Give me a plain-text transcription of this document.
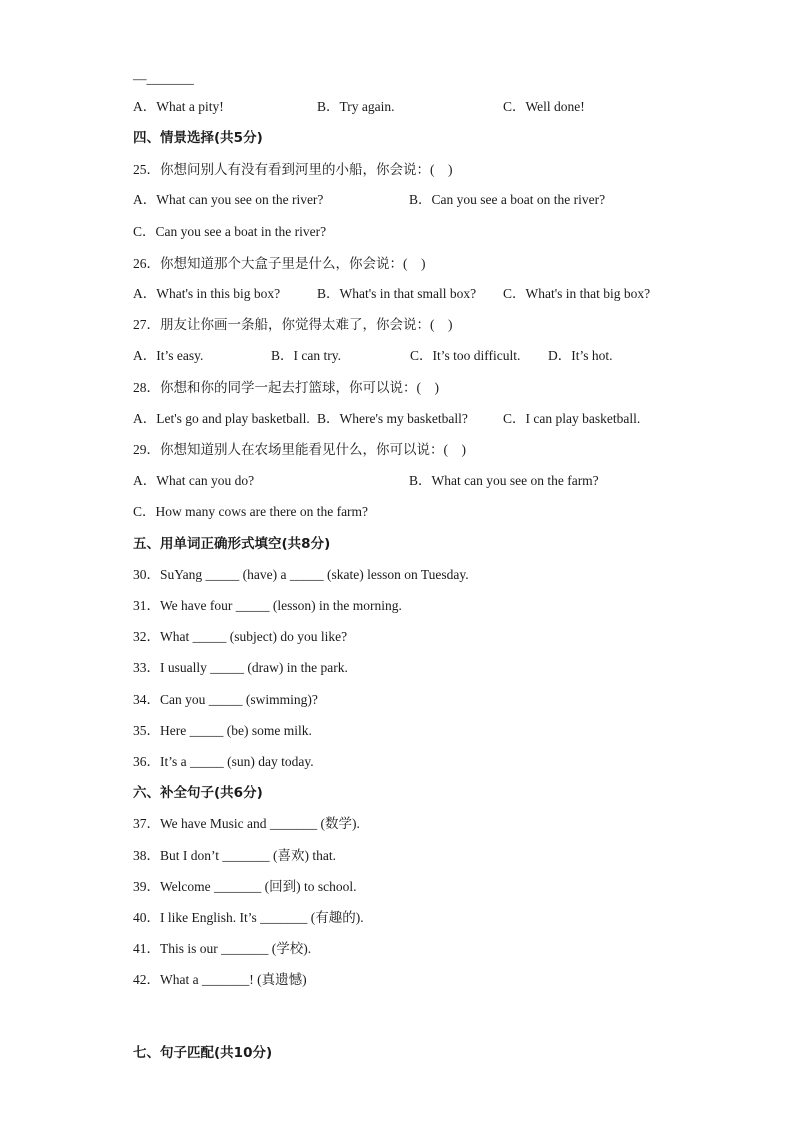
—_______
A．What a pity!	B．Try again.	C．Well done!
四、情景选择(共5分)
25．你想问别人有没有看到河里的小船，你会说：(　)
A．What can you see on the river?	B．Can you see a boat on the river?
C．Can you see a boat in the river?
26．你想知道那个大盒子里是什么，你会说：(　)
A．What's in this big box?	B．What's in that small box? C．What's in that big box?
27．朋友让你画一条船，你觉得太难了，你会说：(　)
A．It’s easy.	B．I can try.	C．It’s too difficult. D．It’s hot.
28．你想和你的同学一起去打篮球，你可以说：(　)
A．Let's go and play basketball. B．Where's my basketball?	C．I can play basketball.
29．你想知道别人在农场里能看见什么，你可以说：(　)
A．What can you do?	B．What can you see on the farm?
C．How many cows are there on the farm?
五、用单词正确形式填空(共8分)
30．SuYang _____ (have) a _____ (skate) lesson on Tuesday.
31．We have four _____ (lesson) in the morning.
32．What _____ (subject) do you like?
33．I usually _____ (draw) in the park.
34．Can you _____ (swimming)?
35．Here _____ (be) some milk.
36．It’s a _____ (sun) day today.
六、补全句子(共6分)
37．We have Music and _______ (数学).
38．But I don’t _______ (喜欢) that.
39．Welcome _______ (回到) to school.
40．I like English. It’s _______ (有趣的).
41．This is our _______ (学校).
42．What a _______! (真遗憾)
七、句子匹配(共10分)
